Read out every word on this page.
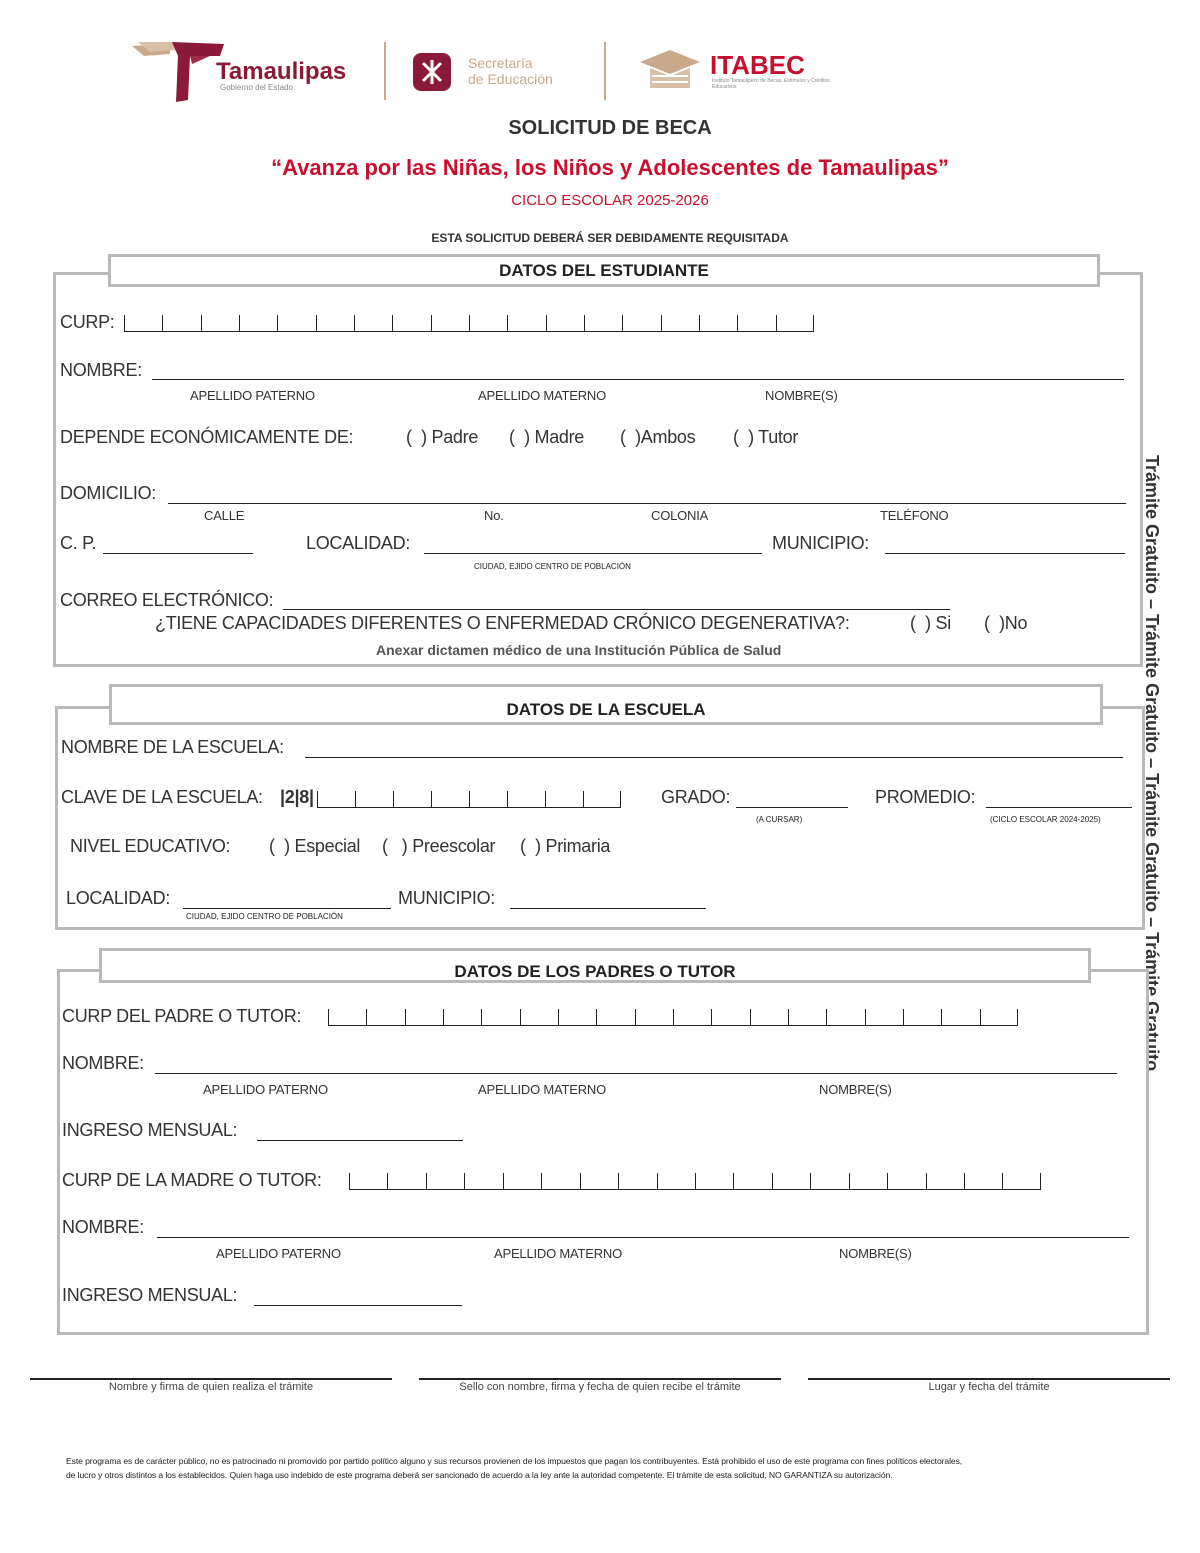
Tamaulipas
Gobierno del Estado
Secretaría
de Educación	ITABEC
Instituto Tamaulipeco de Becas, Estímulos y Créditos Educativos
SOLICITUD DE BECA
“Avanza por las Niñas, los Niños y Adolescentes de Tamaulipas”
CICLO ESCOLAR 2025-2026
ESTA SOLICITUD DEBERÁ SER DEBIDAMENTE REQUISITADA
Trámite Gratuito – Trámite Gratuito – Trámite Gratuito – Trámite Gratuito
DATOS DEL ESTUDIANTE
CURP:
NOMBRE:
APELLIDO PATERNO	APELLIDO MATERNO	NOMBRE(S)
DEPENDE ECONÓMICAMENTE DE:	(  ) Padre (  ) Madre (  )Ambos (  ) Tutor
DOMICILIO:
CALLE	No.	COLONIA	TELÉFONO
C. P.	LOCALIDAD:
CIUDAD, EJIDO CENTRO DE POBLACIÓN
MUNICIPIO:
CORREO ELECTRÓNICO:
¿TIENE CAPACIDADES DIFERENTES O ENFERMEDAD CRÓNICO DEGENERATIVA?:	(  ) Si (  )No
Anexar dictamen médico de una Institución Pública de Salud
DATOS DE LA ESCUELA
NOMBRE DE LA ESCUELA:
CLAVE DE LA ESCUELA: |2|8|	GRADO:
(A CURSAR)
PROMEDIO:
(CICLO ESCOLAR 2024-2025)
NIVEL EDUCATIVO: (  ) Especial (   ) Preescolar (  ) Primaria
LOCALIDAD:
CIUDAD, EJIDO CENTRO DE POBLACIÓN
MUNICIPIO:
DATOS DE LOS PADRES O TUTOR
CURP DEL PADRE O TUTOR:
NOMBRE:
APELLIDO PATERNO	APELLIDO MATERNO	NOMBRE(S)
INGRESO MENSUAL:
CURP DE LA MADRE O TUTOR:
NOMBRE:
APELLIDO PATERNO	APELLIDO MATERNO	NOMBRE(S)
INGRESO MENSUAL:
Nombre y firma de quien realiza el trámite	Sello con nombre, firma y fecha de quien recibe el trámite	Lugar y fecha del trámite
Este programa es de carácter público, no es patrocinado ni promovido por partido político alguno y sus recursos provienen de los impuestos que pagan los contribuyentes. Está prohibido el uso de este programa con fines políticos electorales,
de lucro y otros distintos a los establecidos. Quien haga uso indebido de este programa deberá ser sancionado de acuerdo a la ley ante la autoridad competente. El trámite de esta solicitud, NO GARANTIZA su autorización.
